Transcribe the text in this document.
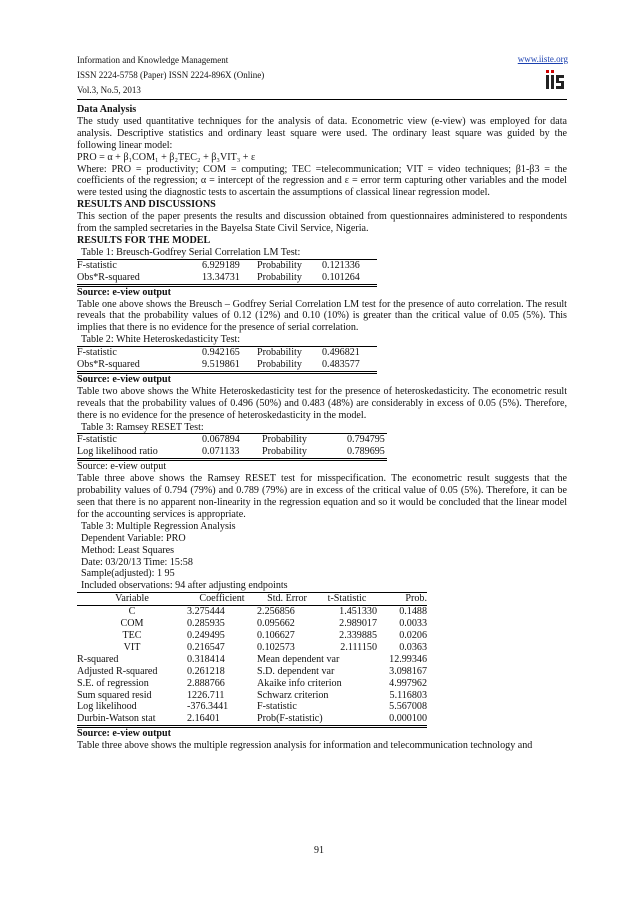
Information and Knowledge Management
ISSN 2224-5758 (Paper) ISSN 2224-896X (Online)
Vol.3, No.5, 2013
www.iiste.org
Data Analysis

The study used quantitative techniques for the analysis of data. Econometric view (e-view) was employed for data analysis. Descriptive statistics and ordinary least square were used. The ordinary least square was guided by the following linear model:

PRO = α + β₁COM₁ + β₂TEC₂ + β₃VIT₃ + ε

Where: PRO = productivity; COM = computing; TEC =telecommunication; VIT = video techniques; β1-β3 = the coefficients of the regression; α = intercept of the regression and ε = error term capturing other variables and the model were tested using the diagnostic tests to ascertain the assumptions of classical linear regression model.

RESULTS AND DISCUSSIONS

This section of the paper presents the results and discussion obtained from questionnaires administered to respondents from the sampled secretaries in the Bayelsa State Civil Service, Nigeria.

RESULTS FOR THE MODEL
Table 1: Breusch-Godfrey Serial Correlation LM Test:
F-statistic	6.929189	Probability	0.121336
Obs*R-squared	13.34731	Probability	0.101264
Source: e-view output

Table one above shows the Breusch – Godfrey Serial Correlation LM test for the presence of auto correlation. The result reveals that the probability values of 0.12 (12%) and 0.10 (10%) is greater than the critical value of 0.05 (5%). This implies that there is no evidence for the presence of serial correlation.

Table 2: White Heteroskedasticity Test:
F-statistic	0.942165	Probability	0.496821
Obs*R-squared	9.519861	Probability	0.483577
Source: e-view output

Table two above shows the White Heteroskedasticity test for the presence of heteroskedasticity. The econometric result reveals that the probability values of 0.496 (50%) and 0.483 (48%) are considerably in excess of 0.05 (5%). Therefore, there is no evidence for the presence of heteroskedasticity in the model.

Table 3: Ramsey RESET Test:
F-statistic	0.067894	Probability	0.794795
Log likelihood ratio	0.071133	Probability	0.789695
Source: e-view output

Table three above shows the Ramsey RESET test for misspecification. The econometric result suggests that the probability values of 0.794 (79%) and 0.789 (79%) are in excess of the critical value of 0.05 (5%). Therefore, it can be seen that there is no apparent non-linearity in the regression equation and so it would be concluded that the linear model for the accounting services is appropriate.

Table 3: Multiple Regression Analysis
Dependent Variable: PRO
Method: Least Squares
Date: 03/20/13 Time: 15:58
Sample(adjusted): 1 95
Included observations: 94 after adjusting endpoints
Variable	Coefficient	Std. Error	t-Statistic	Prob.
C	3.275444	2.256856	1.451330	0.1488
COM	0.285935	0.095662	2.989017	0.0033
TEC	0.249495	0.106627	2.339885	0.0206
VIT	0.216547	0.102573	2.111150	0.0363
R-squared	0.318414	Mean dependent var	12.99346
Adjusted R-squared	0.261218	S.D. dependent var	3.098167
S.E. of regression	2.888766	Akaike info criterion	4.997962
Sum squared resid	1226.711	Schwarz criterion	5.116803
Log likelihood	-376.3441	F-statistic	5.567008
Durbin-Watson stat	2.16401	Prob(F-statistic)	0.000100
Source: e-view output

Table three above shows the multiple regression analysis for information and telecommunication technology and

91
